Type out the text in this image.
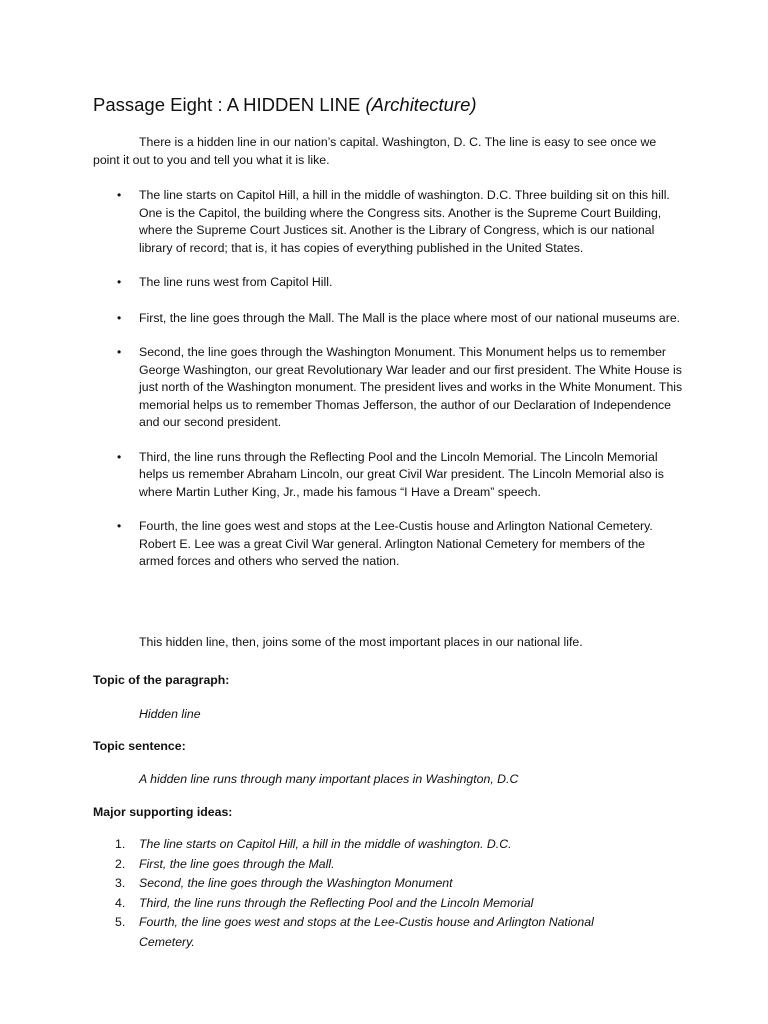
Passage Eight : A HIDDEN LINE (Architecture)

There is a hidden line in our nation’s capital. Washington, D. C. The line is easy to see once we point it out to you and tell you what it is like.

• The line starts on Capitol Hill, a hill in the middle of washington. D.C. Three building sit on this hill. One is the Capitol, the building where the Congress sits. Another is the Supreme Court Building, where the Supreme Court Justices sit. Another is the Library of Congress, which is our national library of record; that is, it has copies of everything published in the United States.
• The line runs west from Capitol Hill.
• First, the line goes through the Mall. The Mall is the place where most of our national museums are.
• Second, the line goes through the Washington Monument. This Monument helps us to remember George Washington, our great Revolutionary War leader and our first president. The White House is just north of the Washington monument. The president lives and works in the White Monument. This memorial helps us to remember Thomas Jefferson, the author of our Declaration of Independence and our second president.
• Third, the line runs through the Reflecting Pool and the Lincoln Memorial. The Lincoln Memorial helps us remember Abraham Lincoln, our great Civil War president. The Lincoln Memorial also is where Martin Luther King, Jr., made his famous “I Have a Dream” speech.
• Fourth, the line goes west and stops at the Lee-Custis house and Arlington National Cemetery. Robert E. Lee was a great Civil War general. Arlington National Cemetery for members of the armed forces and others who served the nation.

This hidden line, then, joins some of the most important places in our national life.

Topic of the paragraph:

Hidden line

Topic sentence:

A hidden line runs through many important places in Washington, D.C

Major supporting ideas:

1. The line starts on Capitol Hill, a hill in the middle of washington. D.C.
2. First, the line goes through the Mall.
3. Second, the line goes through the Washington Monument
4. Third, the line runs through the Reflecting Pool and the Lincoln Memorial
5. Fourth, the line goes west and stops at the Lee-Custis house and Arlington National Cemetery.
